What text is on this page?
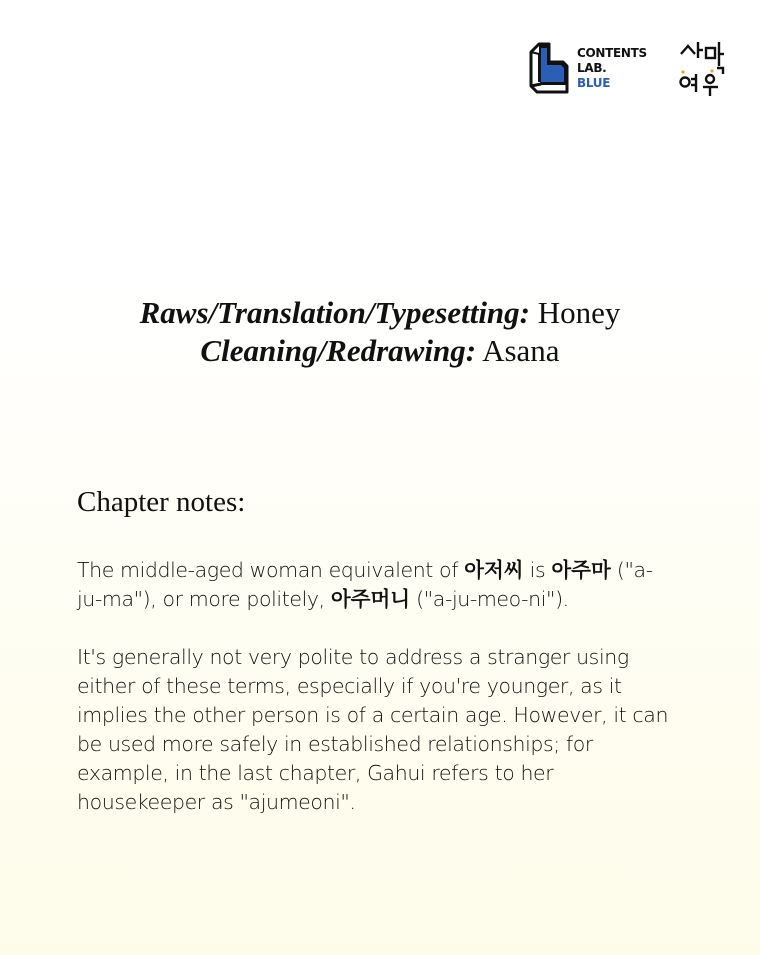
CONTENTS
LAB.
BLUE
Raws/Translation/Typesetting: Honey
Cleaning/Redrawing: Asana
Chapter notes:
The middle-aged woman equivalent of 아저씨 is 아주마 ("a-ju-ma"), or more politely, 아주머니 ("a-ju-meo-ni").
It's generally not very polite to address a stranger using either of these terms, especially if you're younger, as it implies the other person is of a certain age. However, it can be used more safely in established relationships; for example, in the last chapter, Gahui refers to her housekeeper as "ajumeoni".
